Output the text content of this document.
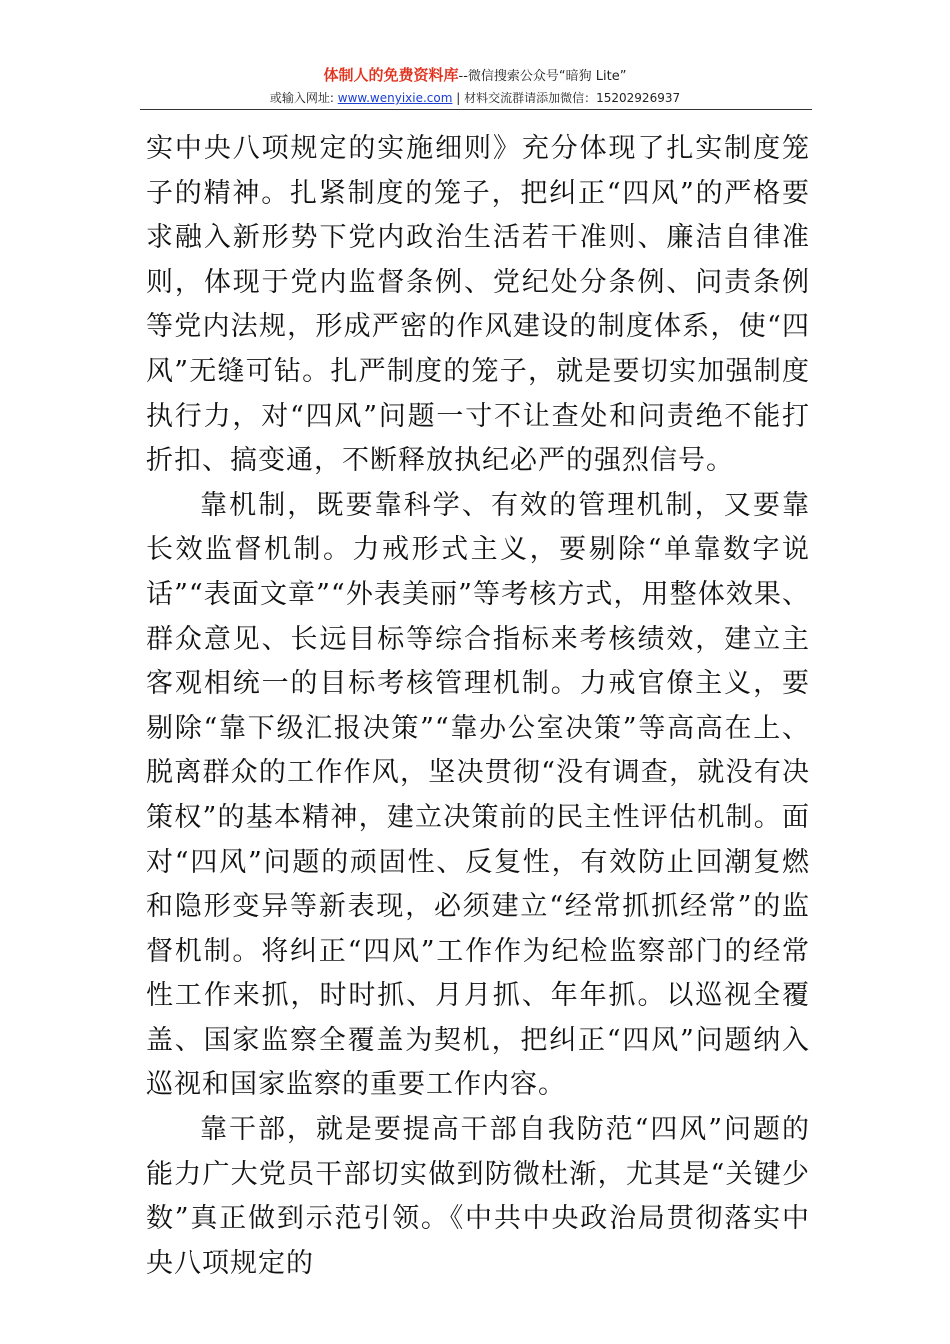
体制人的免费资料库--微信搜索公众号“暗狗 Lite”
或输入网址: www.wenyixie.com | 材料交流群请添加微信：15202926937

实中央八项规定的实施细则》充分体现了扎实制度笼子的精神。扎紧制度的笼子，把纠正“四风”的严格要求融入新形势下党内政治生活若干准则、廉洁自律准则，体现于党内监督条例、党纪处分条例、问责条例等党内法规，形成严密的作风建设的制度体系，使“四风”无缝可钻。扎严制度的笼子，就是要切实加强制度执行力，对“四风”问题一寸不让查处和问责绝不能打折扣、搞变通，不断释放执纪必严的强烈信号。

靠机制，既要靠科学、有效的管理机制，又要靠长效监督机制。力戒形式主义，要剔除“单靠数字说话”“表面文章”“外表美丽”等考核方式，用整体效果、群众意见、长远目标等综合指标来考核绩效，建立主客观相统一的目标考核管理机制。力戒官僚主义，要剔除“靠下级汇报决策”“靠办公室决策”等高高在上、脱离群众的工作作风，坚决贯彻“没有调查，就没有决策权”的基本精神，建立决策前的民主性评估机制。面对“四风”问题的顽固性、反复性，有效防止回潮复燃和隐形变异等新表现，必须建立“经常抓抓经常”的监督机制。将纠正“四风”工作作为纪检监察部门的经常性工作来抓，时时抓、月月抓、年年抓。以巡视全覆盖、国家监察全覆盖为契机，把纠正“四风”问题纳入巡视和国家监察的重要工作内容。

靠干部，就是要提高干部自我防范“四风”问题的能力广大党员干部切实做到防微杜渐，尤其是“关键少数”真正做到示范引领。《中共中央政治局贯彻落实中央八项规定的
